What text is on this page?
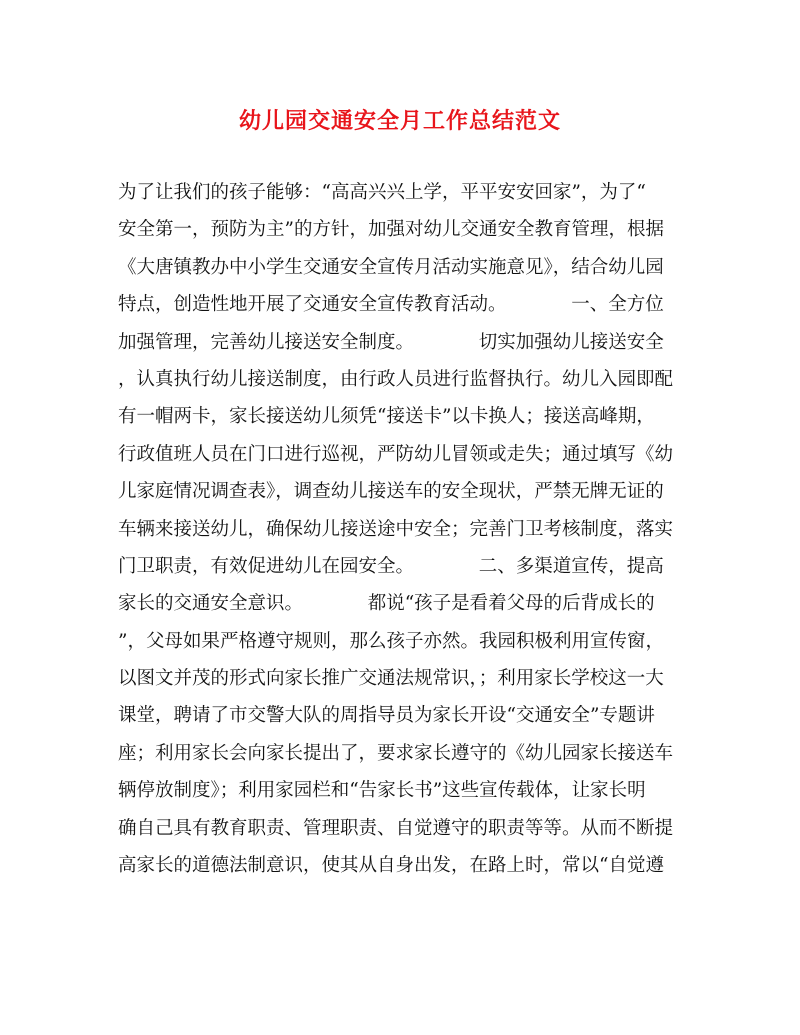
幼儿园交通安全月工作总结范文
为了让我们的孩子能够：“高高兴兴上学，平平安安回家”，为了“
安全第一，预防为主”的方针，加强对幼儿交通安全教育管理，根据
《大唐镇教办中小学生交通安全宣传月活动实施意见》，结合幼儿园
特点，创造性地开展了交通安全宣传教育活动。           一、全方位
加强管理，完善幼儿接送安全制度。           切实加强幼儿接送安全
，认真执行幼儿接送制度，由行政人员进行监督执行。幼儿入园即配
有一帽两卡，家长接送幼儿须凭“接送卡”以卡换人；接送高峰期，
行政值班人员在门口进行巡视，严防幼儿冒领或走失；通过填写《幼
儿家庭情况调查表》，调查幼儿接送车的安全现状，严禁无牌无证的
车辆来接送幼儿，确保幼儿接送途中安全；完善门卫考核制度，落实
门卫职责，有效促进幼儿在园安全。           二、多渠道宣传，提高
家长的交通安全意识。           都说“孩子是看着父母的后背成长的
”，父母如果严格遵守规则，那么孩子亦然。我园积极利用宣传窗，
以图文并茂的形式向家长推广交通法规常识，；利用家长学校这一大
课堂，聘请了市交警大队的周指导员为家长开设“交通安全”专题讲
座；利用家长会向家长提出了，要求家长遵守的《幼儿园家长接送车
辆停放制度》；利用家园栏和“告家长书”这些宣传载体，让家长明
确自己具有教育职责、管理职责、自觉遵守的职责等等。从而不断提
高家长的道德法制意识，使其从自身出发，在路上时，常以“自觉遵
